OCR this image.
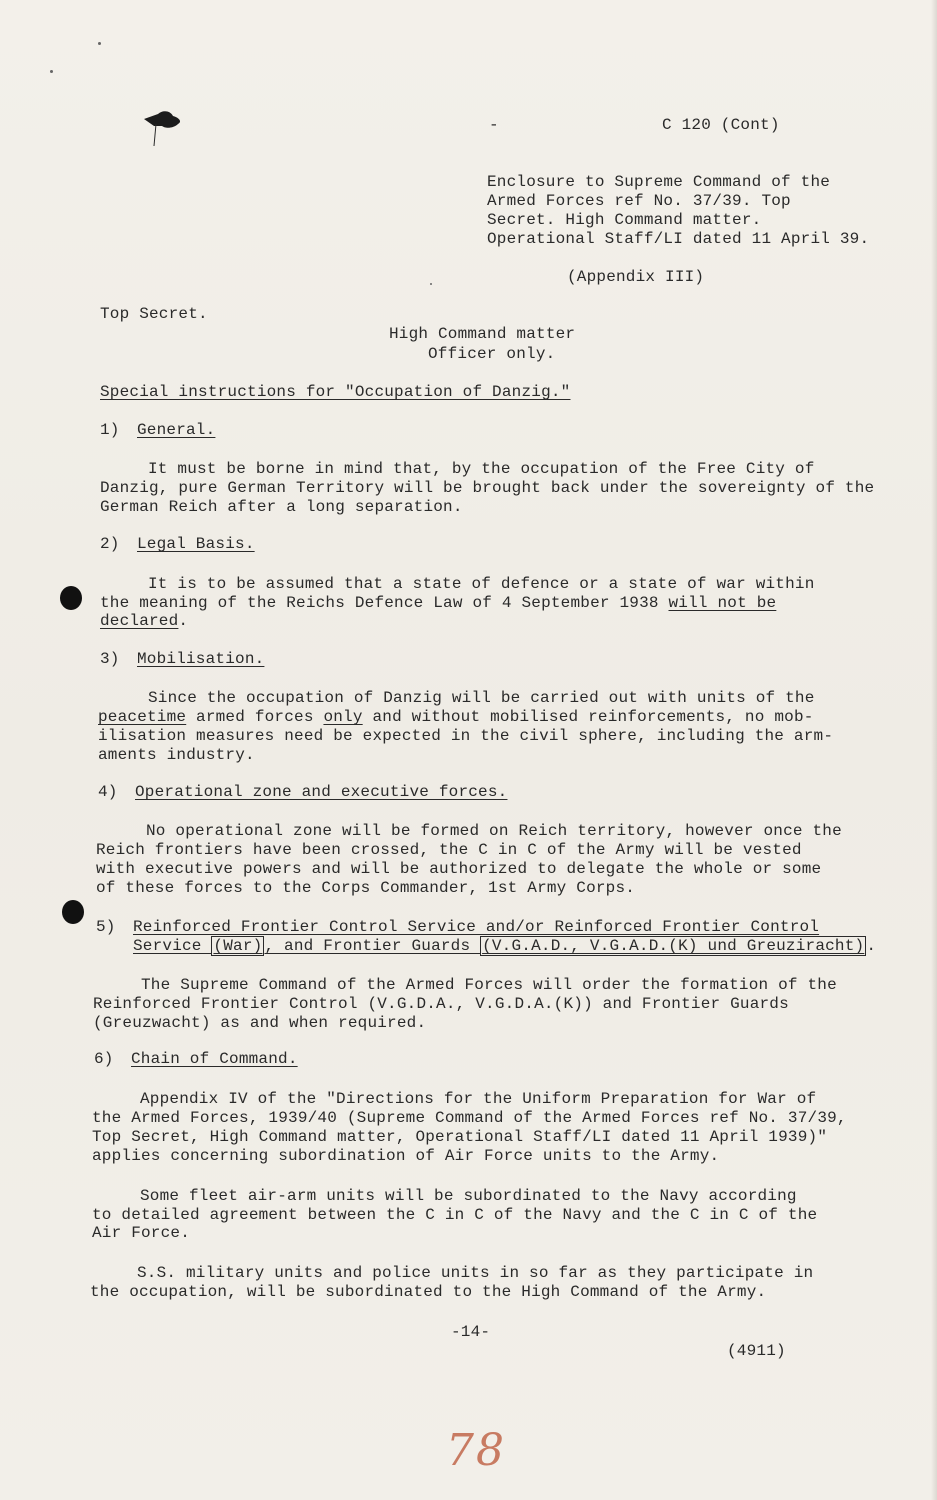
-	C 120 (Cont)
Enclosure to Supreme Command of the
Armed Forces ref No. 37/39. Top
Secret. High Command matter.
Operational Staff/LI dated 11 April 39.
(Appendix III)
Top Secret.
High Command matter
Officer only.
Special instructions for "Occupation of Danzig."
1) General.
It must be borne in mind that, by the occupation of the Free City of
Danzig, pure German Territory will be brought back under the sovereignty of the
German Reich after a long separation.
2) Legal Basis.
It is to be assumed that a state of defence or a state of war within
the meaning of the Reichs Defence Law of 4 September 1938 will not be
declared.
3) Mobilisation.
Since the occupation of Danzig will be carried out with units of the
peacetime armed forces only and without mobilised reinforcements, no mob-
ilisation measures need be expected in the civil sphere, including the arm-
aments industry.
4) Operational zone and executive forces.
No operational zone will be formed on Reich territory, however once the
Reich frontiers have been crossed, the C in C of the Army will be vested
with executive powers and will be authorized to delegate the whole or some
of these forces to the Corps Commander, 1st Army Corps.
5) Reinforced Frontier Control Service and/or Reinforced Frontier Control
Service (War) , and Frontier Guards (V.G.A.D., V.G.A.D.(K) und Greuziracht) .
The Supreme Command of the Armed Forces will order the formation of the
Reinforced Frontier Control (V.G.D.A., V.G.D.A.(K)) and Frontier Guards
(Greuzwacht) as and when required.
6) Chain of Command.
Appendix IV of the "Directions for the Uniform Preparation for War of
the Armed Forces, 1939/40 (Supreme Command of the Armed Forces ref No. 37/39,
Top Secret, High Command matter, Operational Staff/LI dated 11 April 1939)"
applies concerning subordination of Air Force units to the Army.
Some fleet air-arm units will be subordinated to the Navy according
to detailed agreement between the C in C of the Navy and the C in C of the
Air Force.
S.S. military units and police units in so far as they participate in
the occupation, will be subordinated to the High Command of the Army.
-14-
(4911)
78
